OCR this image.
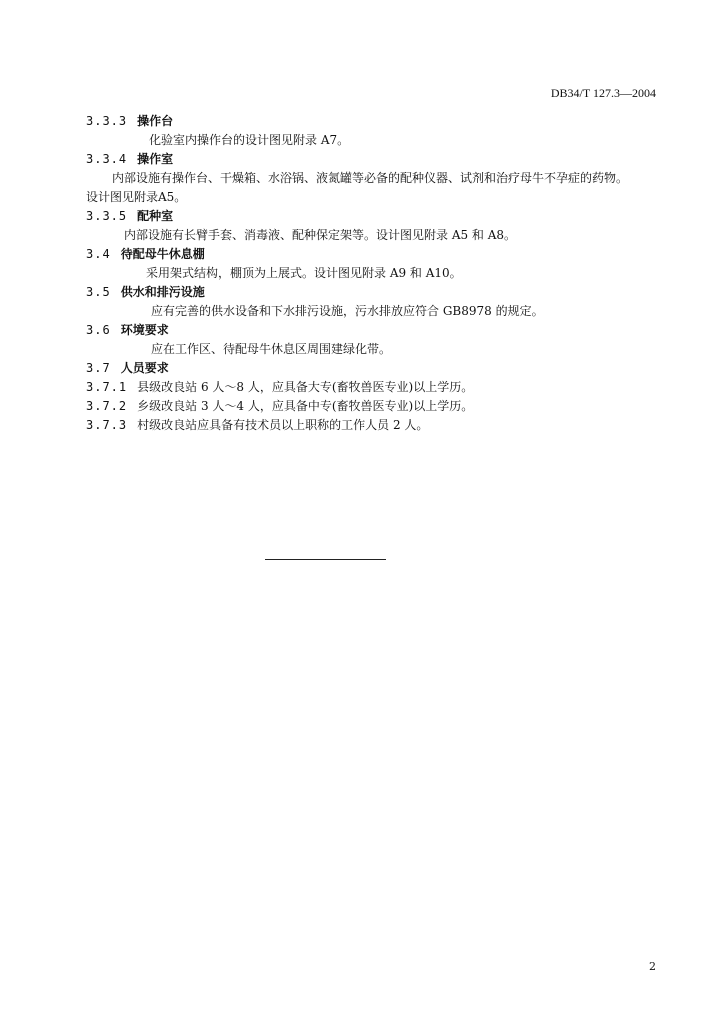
DB34/T 127.3—2004
3.3.3 操作台
化验室内操作台的设计图见附录 A7。
3.3.4 操作室
内部设施有操作台、干燥箱、水浴锅、液氮罐等必备的配种仪器、试剂和治疗母牛不孕症的药物。
设计图见附录A5。
3.3.5 配种室
内部设施有长臂手套、消毒液、配种保定架等。设计图见附录 A5 和 A8。
3.4 待配母牛休息棚
采用架式结构，棚顶为上展式。设计图见附录 A9 和 A10。
3.5 供水和排污设施
应有完善的供水设备和下水排污设施，污水排放应符合 GB8978 的规定。
3.6 环境要求
应在工作区、待配母牛休息区周围建绿化带。
3.7 人员要求
3.7.1 县级改良站 6 人～8 人，应具备大专(畜牧兽医专业)以上学历。
3.7.2 乡级改良站 3 人～4 人，应具备中专(畜牧兽医专业)以上学历。
3.7.3 村级改良站应具备有技术员以上职称的工作人员 2 人。
2
